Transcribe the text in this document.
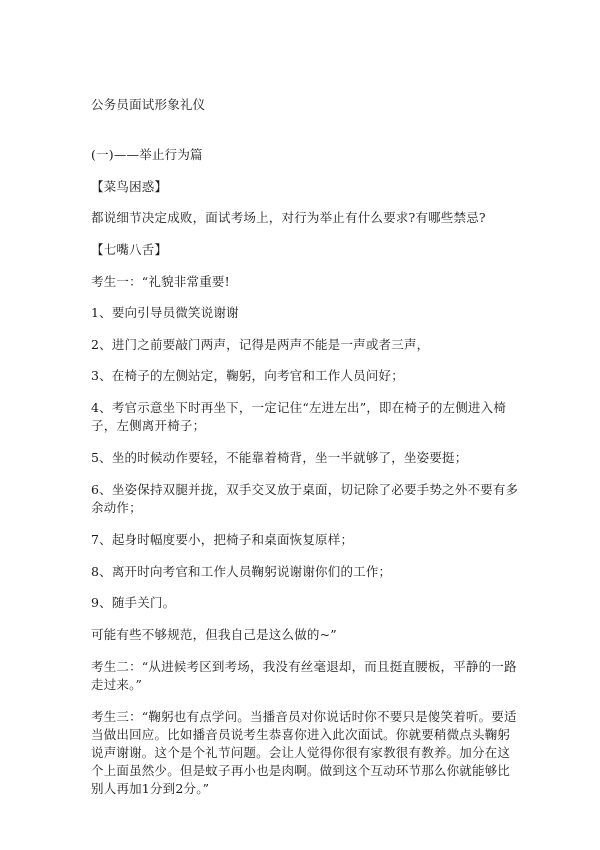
公务员面试形象礼仪
(一)——举止行为篇
【菜鸟困惑】
都说细节决定成败，面试考场上，对行为举止有什么要求?有哪些禁忌?
【七嘴八舌】
考生一：“礼貌非常重要!
1、要向引导员微笑说谢谢
2、进门之前要敲门两声，记得是两声不能是一声或者三声，
3、在椅子的左侧站定，鞠躬，向考官和工作人员问好；
4、考官示意坐下时再坐下，一定记住“左进左出”，即在椅子的左侧进入椅子，左侧离开椅子；
5、坐的时候动作要轻，不能靠着椅背，坐一半就够了，坐姿要挺；
6、坐姿保持双腿并拢，双手交叉放于桌面，切记除了必要手势之外不要有多余动作；
7、起身时幅度要小，把椅子和桌面恢复原样；
8、离开时向考官和工作人员鞠躬说谢谢你们的工作；
9、随手关门。
可能有些不够规范，但我自己是这么做的~”
考生二：“从进候考区到考场，我没有丝毫退却，而且挺直腰板，平静的一路走过来。”
考生三：“鞠躬也有点学问。当播音员对你说话时你不要只是傻笑着听。要适当做出回应。比如播音员说考生恭喜你进入此次面试。你就要稍微点头鞠躬说声谢谢。这个是个礼节问题。会让人觉得你很有家教很有教养。加分在这个上面虽然少。但是蚊子再小也是肉啊。做到这个互动环节那么你就能够比别人再加1分到2分。”
